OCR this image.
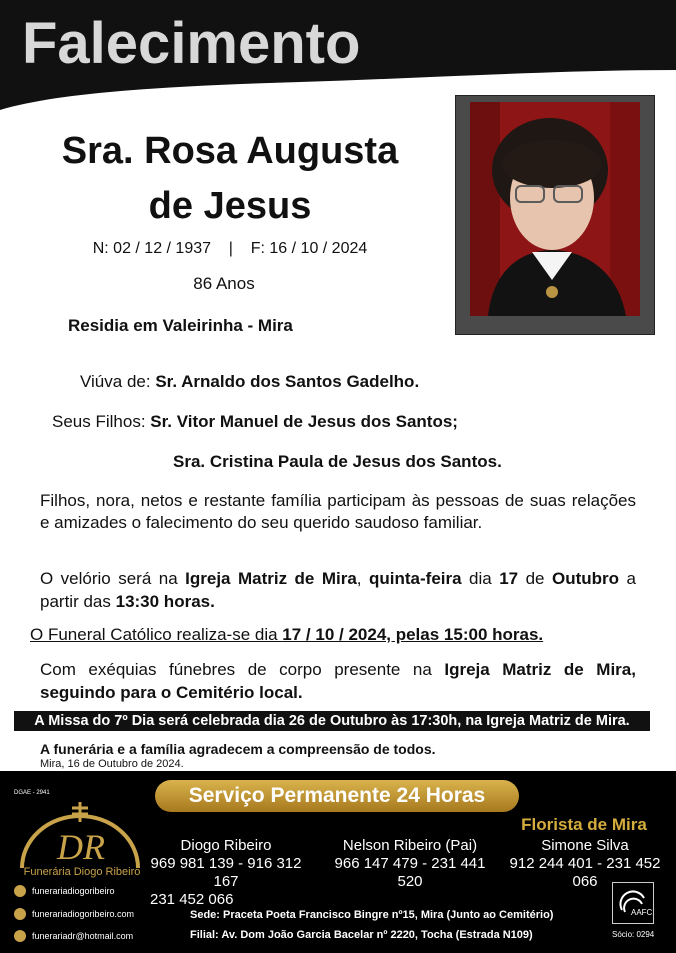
Falecimento
Sra. Rosa Augusta
de Jesus
N: 02 / 12 / 1937    |    F: 16 / 10 / 2024
86 Anos
Residia em Valeirinha - Mira
Viúva de: Sr. Arnaldo dos Santos Gadelho.
Seus Filhos: Sr. Vitor Manuel de Jesus dos Santos;
Sra. Cristina Paula de Jesus dos Santos.
Filhos, nora, netos e restante família participam às pessoas de suas relações e amizades o falecimento do seu querido saudoso familiar.
O velório será na Igreja Matriz de Mira, quinta-feira dia 17 de Outubro a partir das 13:30 horas.
O Funeral Católico realiza-se dia 17 / 10 / 2024, pelas 15:00 horas.
Com exéquias fúnebres de corpo presente na Igreja Matriz de Mira,
seguindo para o Cemitério local.
A Missa do 7º Dia será celebrada dia 26 de Outubro às 17:30h, na Igreja Matriz de Mira.
A funerária e a família agradecem a compreensão de todos.
Mira, 16 de Outubro de 2024.
DGAE - 2941	Serviço Permanente 24 Horas
DR
Funerária Diogo Ribeiro
Diogo Ribeiro
969 981 139 - 916 312 167
231 452 066
Nelson Ribeiro (Pai)
966 147 479 - 231 441 520
Florista de Mira
Simone Silva
912 244 401 - 231 452 066
funerariadiogoribeiro
funerariadiogoribeiro.com
funerariadr@hotmail.com
Sede: Praceta Poeta Francisco Bingre nº15, Mira (Junto ao Cemitério)
Filial: Av. Dom João Garcia Bacelar nº 2220, Tocha (Estrada N109)
AAFC
Sócio: 0294
